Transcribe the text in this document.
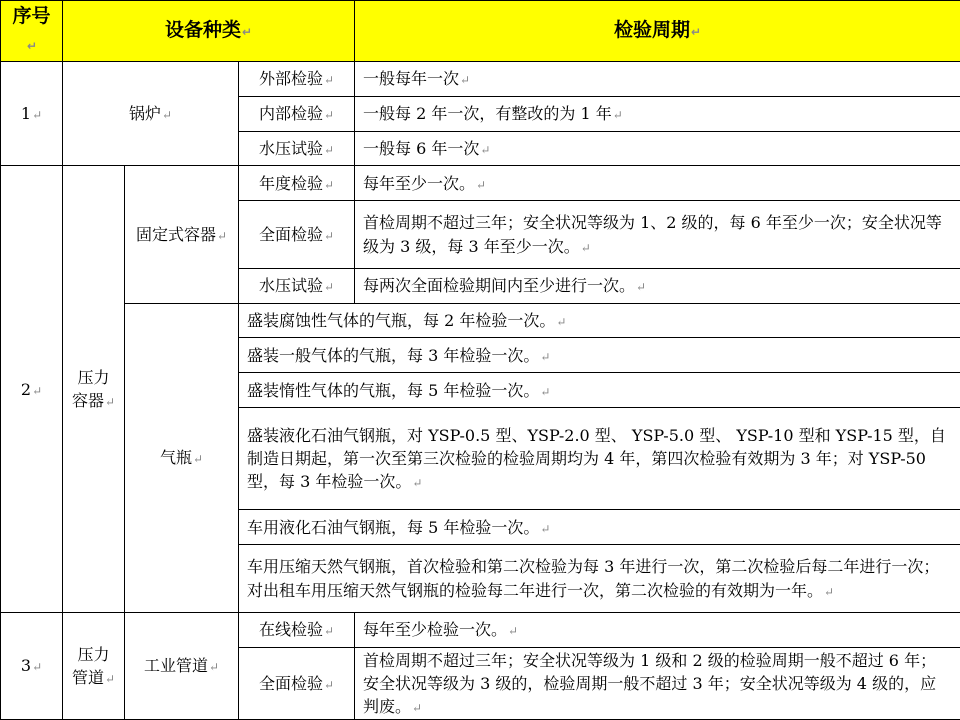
序号↵	设备种类↵			检验周期↵
1↵	锅炉↵		外部检验↵	一般每年一次↵
			内部检验↵	一般每 2 年一次，有整改的为 1 年↵
			水压试验↵	一般每 6 年一次↵
2↵	压力容器↵	固定式容器↵	年度检验↵	每年至少一次。↵
			全面检验↵	首检周期不超过三年；安全状况等级为 1、2 级的，每 6 年至少一次；安全状况等级为 3 级，每 3 年至少一次。↵
			水压试验↵	每两次全面检验期间内至少进行一次。↵
		气瓶↵	盛装腐蚀性气体的气瓶，每 2 年检验一次。↵	
			盛装一般气体的气瓶，每 3 年检验一次。↵	
			盛装惰性气体的气瓶，每 5 年检验一次。↵	
			盛装液化石油气钢瓶，对 YSP-0.5 型、YSP-2.0 型、 YSP-5.0 型、 YSP-10 型和 YSP-15 型，自制造日期起，第一次至第三次检验的检验周期均为 4 年，第四次检验有效期为 3 年；对 YSP-50 型，每 3 年检验一次。↵	
			车用液化石油气钢瓶，每 5 年检验一次。↵	
			车用压缩天然气钢瓶，首次检验和第二次检验为每 3 年进行一次，第二次检验后每二年进行一次；对出租车用压缩天然气钢瓶的检验每二年进行一次，第二次检验的有效期为一年。↵	
3↵	压力管道↵	工业管道↵	在线检验↵	每年至少检验一次。↵
			全面检验↵	首检周期不超过三年；安全状况等级为 1 级和 2 级的检验周期一般不超过 6 年；安全状况等级为 3 级的，检验周期一般不超过 3 年；安全状况等级为 4 级的，应判废。↵
